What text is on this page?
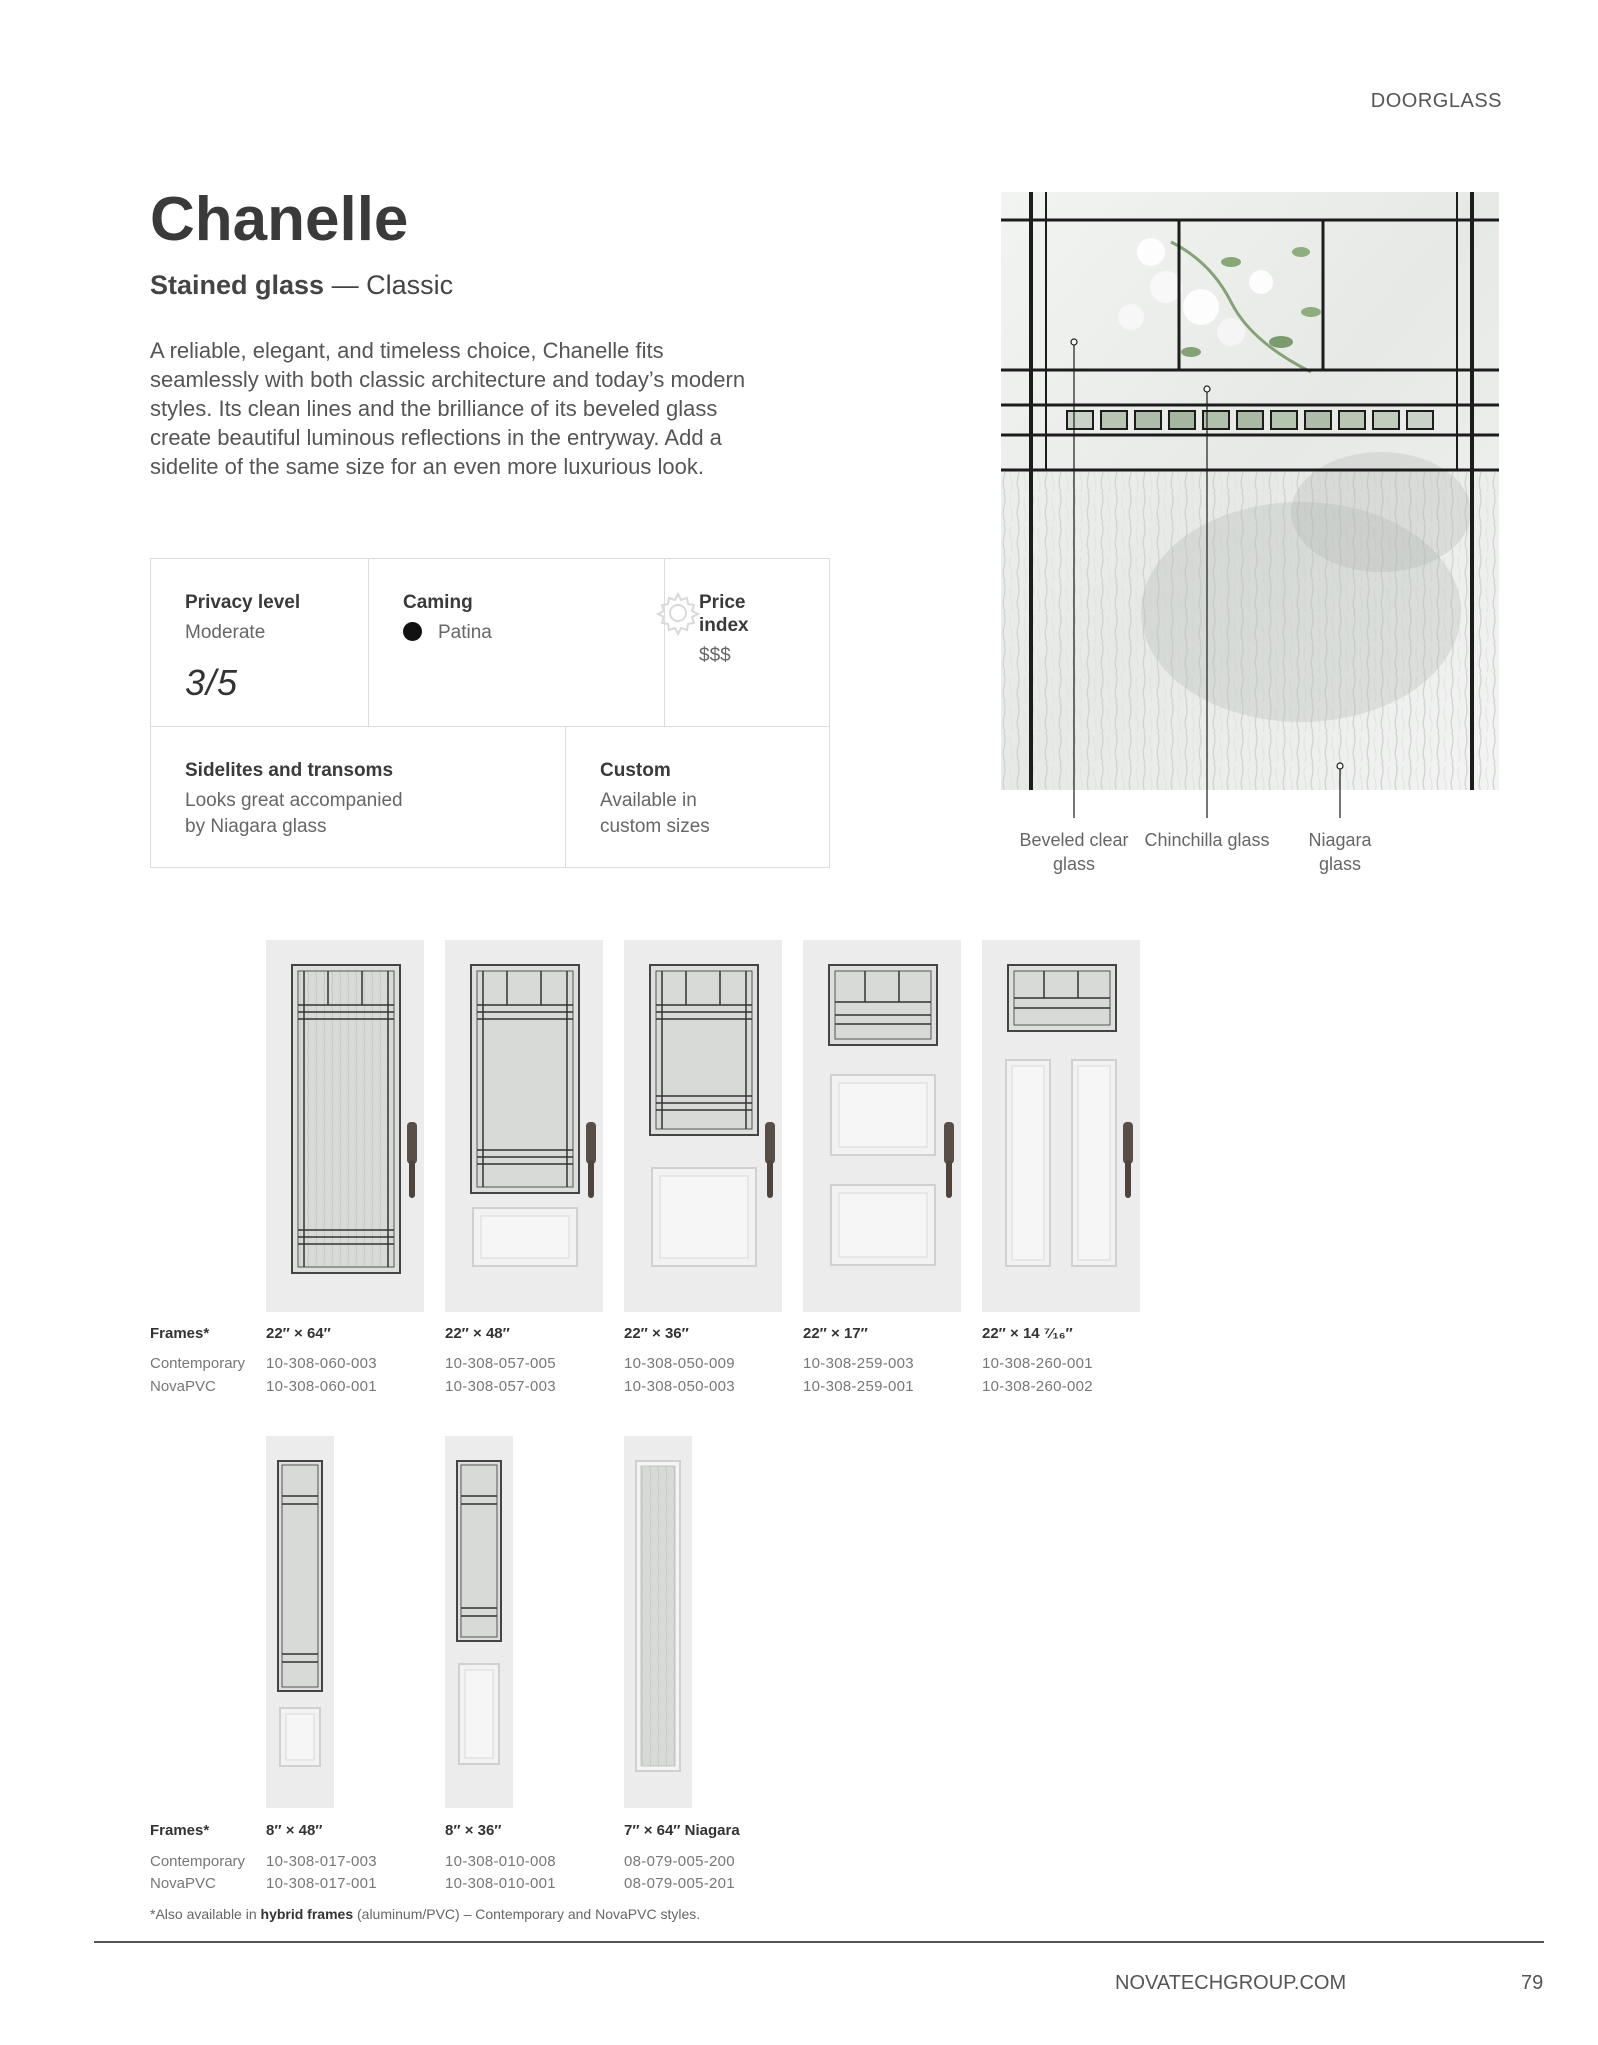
DOORGLASS
Chanelle
Stained glass — Classic

A reliable, elegant, and timeless choice, Chanelle fits seamlessly with both classic architecture and today’s modern styles. Its clean lines and the brilliance of its beveled glass create beautiful luminous reflections in the entryway. Add a sidelite of the same size for an even more luxurious look.

Privacy level
Moderate
3/5
Caming
Patina
Price index
$$$
Sidelites and transoms
Looks great accompanied by Niagara glass
Custom
Available in custom sizes
Beveled clear glass
Chinchilla glass	Niagara glass
Frames*
Contemporary
NovaPVC
22″ × 64″
10-308-060-003
10-308-060-001
22″ × 48″
10-308-057-005
10-308-057-003
22″ × 36″
10-308-050-009
10-308-050-003
22″ × 17″
10-308-259-003
10-308-259-001
22″ × 14 ⁷⁄₁₆″
10-308-260-001
10-308-260-002
Frames*
Contemporary
NovaPVC
8″ × 48″
10-308-017-003
10-308-017-001
8″ × 36″
10-308-010-008
10-308-010-001
7″ × 64″ Niagara
08-079-005-200
08-079-005-201
*Also available in hybrid frames (aluminum/PVC) – Contemporary and NovaPVC styles.
NOVATECHGROUP.COM	79
